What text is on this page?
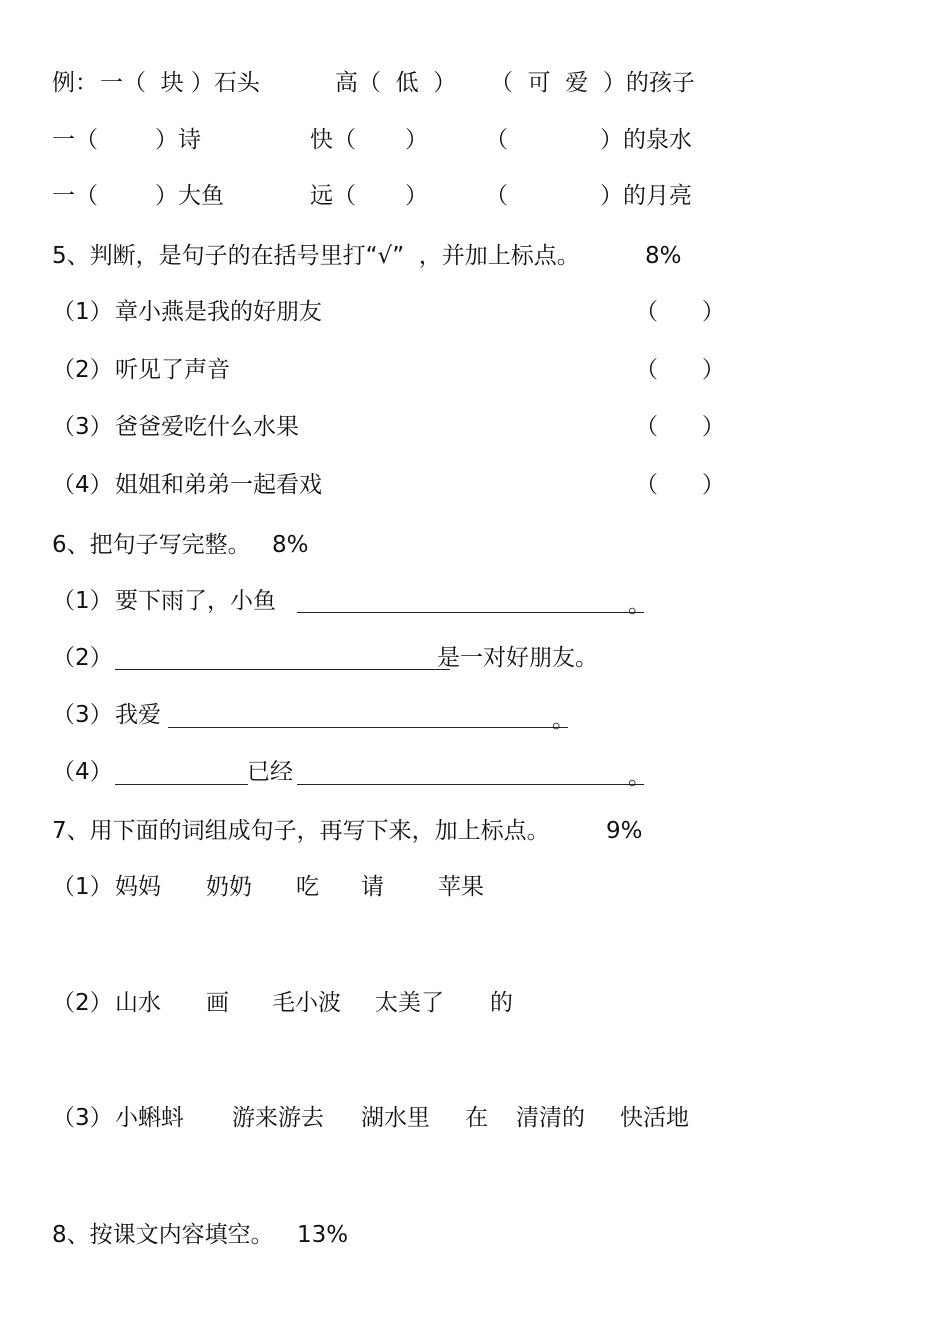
例： 一（  块 ）石头	高（  低  ） （  可  爱  ）的孩子
一（ ）诗	快（ ） （	）的泉水
一（ ）大鱼	远（ ） （	）的月亮
5、判断，是句子的在括号里打“√”  ，并加上标点。	8%
（1） 章小燕是我的好朋友	（      ）
（2） 听见了声音	（      ）
（3） 爸爸爱吃什么水果	（      ）
（4） 姐姐和弟弟一起看戏	（      ）
6、把句子写完整。 8%
（1） 要下雨了，小鱼	。
（2）	是一对好朋友。
（3） 我爱	。
（4）	已经	。
7、用下面的词组成句子，再写下来，加上标点。 9%
（1） 妈妈 奶奶 吃 请 苹果
（2） 山水 画 毛小波 太美了 的
（3） 小蝌蚪 游来游去 湖水里 在 清清的 快活地
8、按课文内容填空。 13%
